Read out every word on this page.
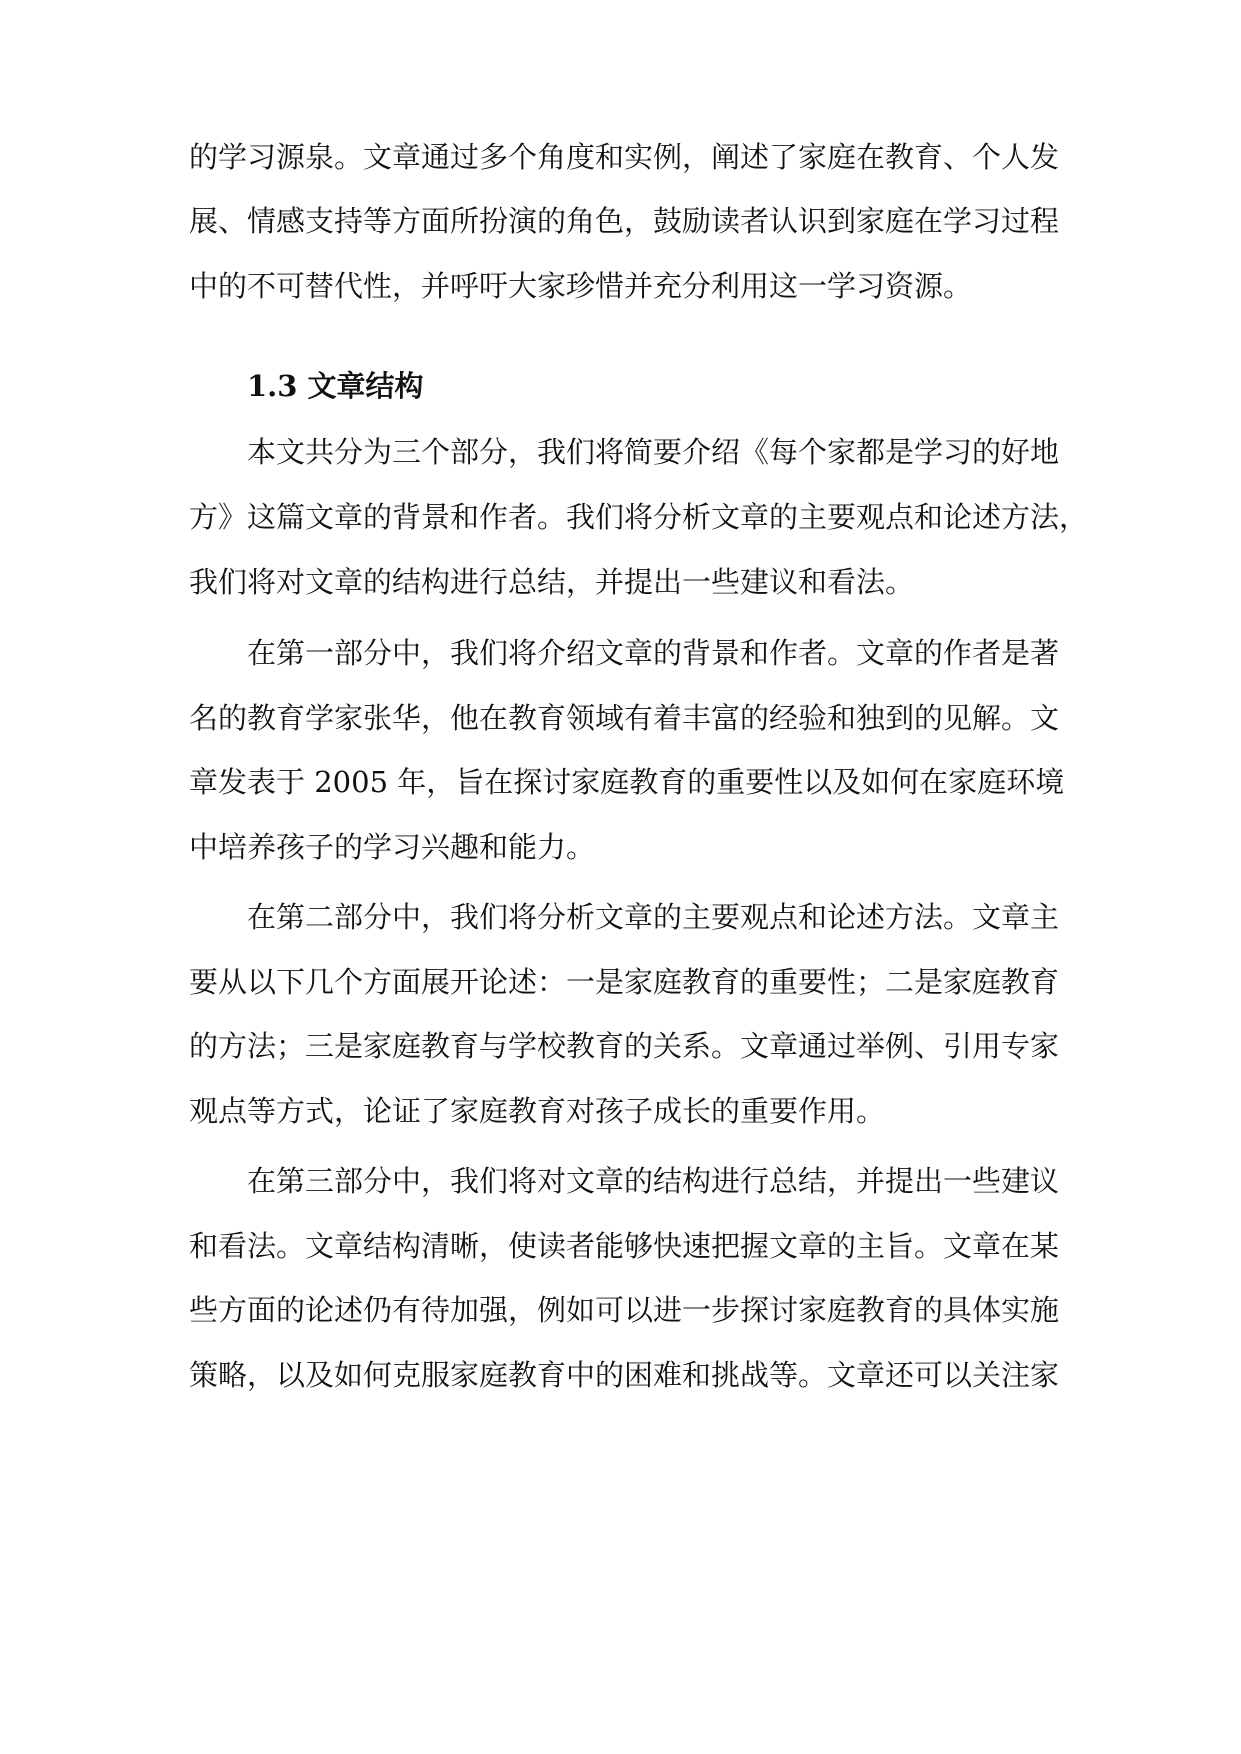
的学习源泉。文章通过多个角度和实例，阐述了家庭在教育、个人发
展、情感支持等方面所扮演的角色，鼓励读者认识到家庭在学习过程
中的不可替代性，并呼吁大家珍惜并充分利用这一学习资源。
1.3 文章结构
本文共分为三个部分，我们将简要介绍《每个家都是学习的好地
方》这篇文章的背景和作者。我们将分析文章的主要观点和论述方法，
我们将对文章的结构进行总结，并提出一些建议和看法。
在第一部分中，我们将介绍文章的背景和作者。文章的作者是著
名的教育学家张华，他在教育领域有着丰富的经验和独到的见解。文
章发表于 2005 年，旨在探讨家庭教育的重要性以及如何在家庭环境
中培养孩子的学习兴趣和能力。
在第二部分中，我们将分析文章的主要观点和论述方法。文章主
要从以下几个方面展开论述：一是家庭教育的重要性；二是家庭教育
的方法；三是家庭教育与学校教育的关系。文章通过举例、引用专家
观点等方式，论证了家庭教育对孩子成长的重要作用。
在第三部分中，我们将对文章的结构进行总结，并提出一些建议
和看法。文章结构清晰，使读者能够快速把握文章的主旨。文章在某
些方面的论述仍有待加强，例如可以进一步探讨家庭教育的具体实施
策略，以及如何克服家庭教育中的困难和挑战等。文章还可以关注家
